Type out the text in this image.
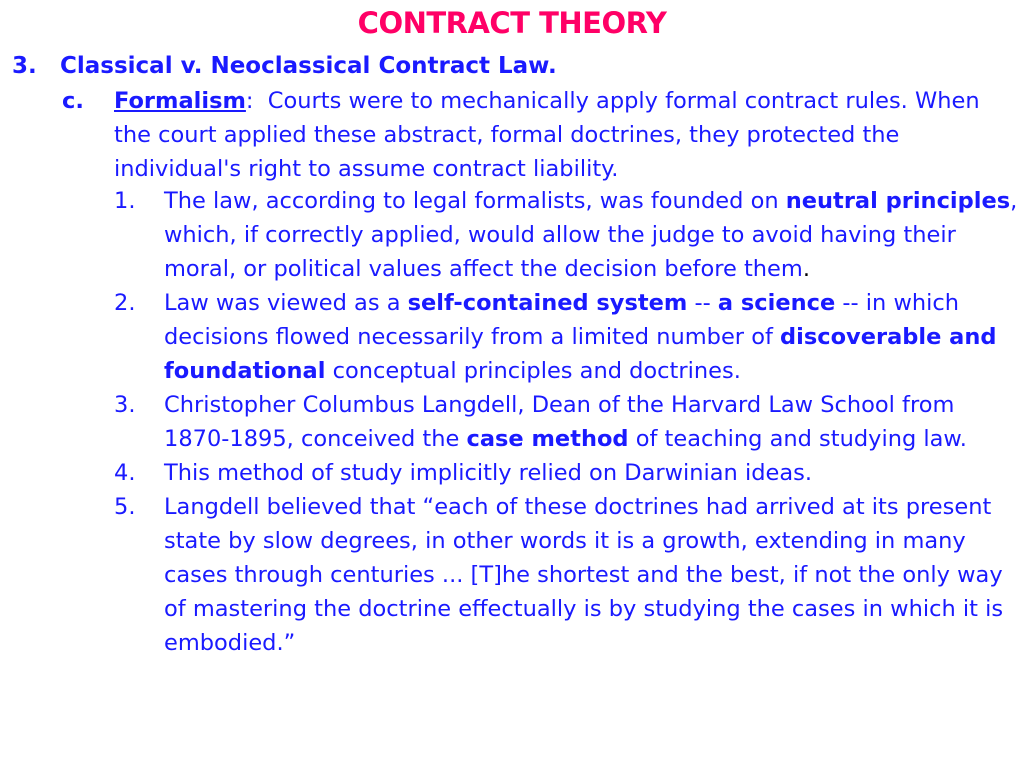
CONTRACT THEORY
3. Classical v. Neoclassical Contract Law.
c. Formalism:  Courts were to mechanically apply formal contract rules. When the court applied these abstract, formal doctrines, they protected the individual's right to assume contract liability.
1. The law, according to legal formalists, was founded on neutral principles, which, if correctly applied, would allow the judge to avoid having their moral, or political values affect the decision before them.
2. Law was viewed as a self-contained system -- a science -- in which decisions flowed necessarily from a limited number of discoverable and foundational conceptual principles and doctrines.
3. Christopher Columbus Langdell, Dean of the Harvard Law School from 1870-1895, conceived the case method of teaching and studying law.
4. This method of study implicitly relied on Darwinian ideas.
5. Langdell believed that “each of these doctrines had arrived at its present state by slow degrees, in other words it is a growth, extending in many cases through centuries ... [T]he shortest and the best, if not the only way of mastering the doctrine effectually is by studying the cases in which it is embodied.”
